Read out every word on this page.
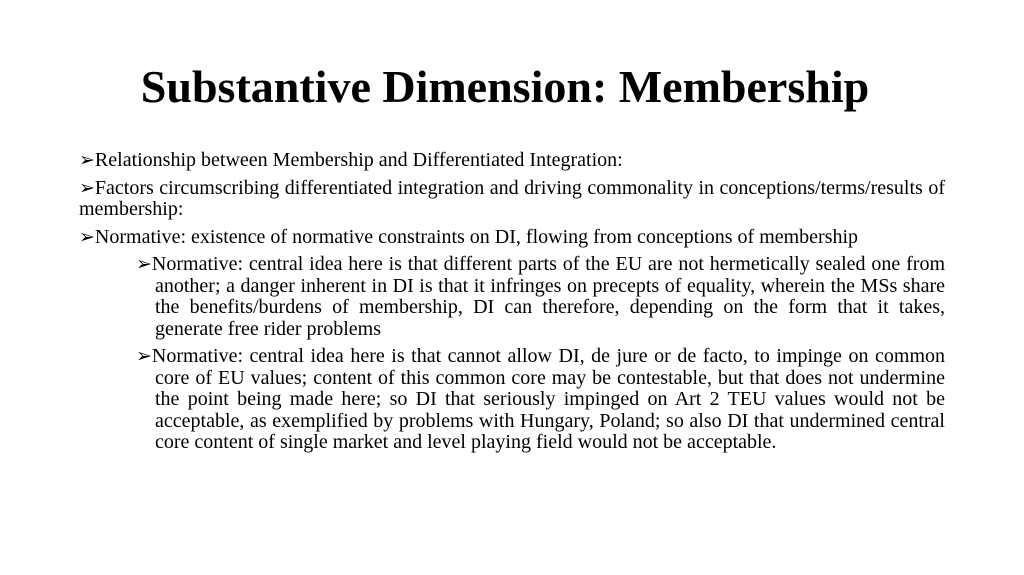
Substantive Dimension: Membership
➢Relationship between Membership and Differentiated Integration:
➢Factors circumscribing differentiated integration and driving commonality in conceptions/terms/results of membership:
➢Normative: existence of normative constraints on DI, flowing from conceptions of membership
➢Normative: central idea here is that different parts of the EU are not hermetically sealed one from another; a danger inherent in DI is that it infringes on precepts of equality, wherein the MSs share the benefits/burdens of membership, DI can therefore, depending on the form that it takes, generate free rider problems
➢Normative: central idea here is that cannot allow DI, de jure or de facto, to impinge on common core of EU values; content of this common core may be contestable, but that does not undermine the point being made here; so DI that seriously impinged on Art 2 TEU values would not be acceptable, as exemplified by problems with Hungary, Poland; so also DI that undermined central core content of single market and level playing field would not be acceptable.
